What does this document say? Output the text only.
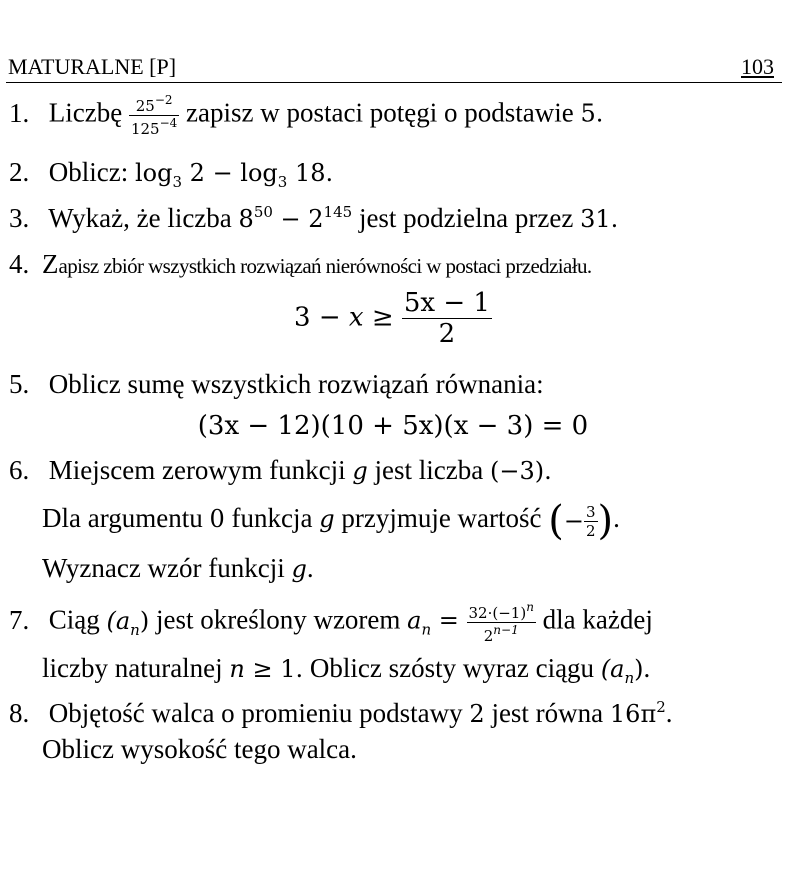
MATURALNE [P]	103
1. Liczbę $\frac{25^{-2}}{125^{-4}}$ zapisz w postaci potęgi o podstawie 5.
2. Oblicz: $\log_3 2 - \log_3 18$.
3. Wykaż, że liczba $8^{50} - 2^{145}$ jest podzielna przez 31.
4. Zapisz zbiór wszystkich rozwiązań nierówności w postaci przedziału.
$3 - x \ge \frac{5x - 1}{2}$
5. Oblicz sumę wszystkich rozwiązań równania:
(3x − 12)(10 + 5x)(x − 3) = 0
6. Miejscem zerowym funkcji g jest liczba (−3).
Dla argumentu 0 funkcja g przyjmuje wartość (− $\frac{3}{2}$ ).
Wyznacz wzór funkcji g.
7. Ciąg $(a_n)$ jest określony wzorem $a_n = \frac{32\cdot(-1)^n}{2^{n-1}}$ dla każdej
liczby naturalnej n ≥ 1. Oblicz szósty wyraz ciągu $(a_n)$.
8. Objętość walca o promieniu podstawy 2 jest równa $16\pi^2$.
Oblicz wysokość tego walca.
